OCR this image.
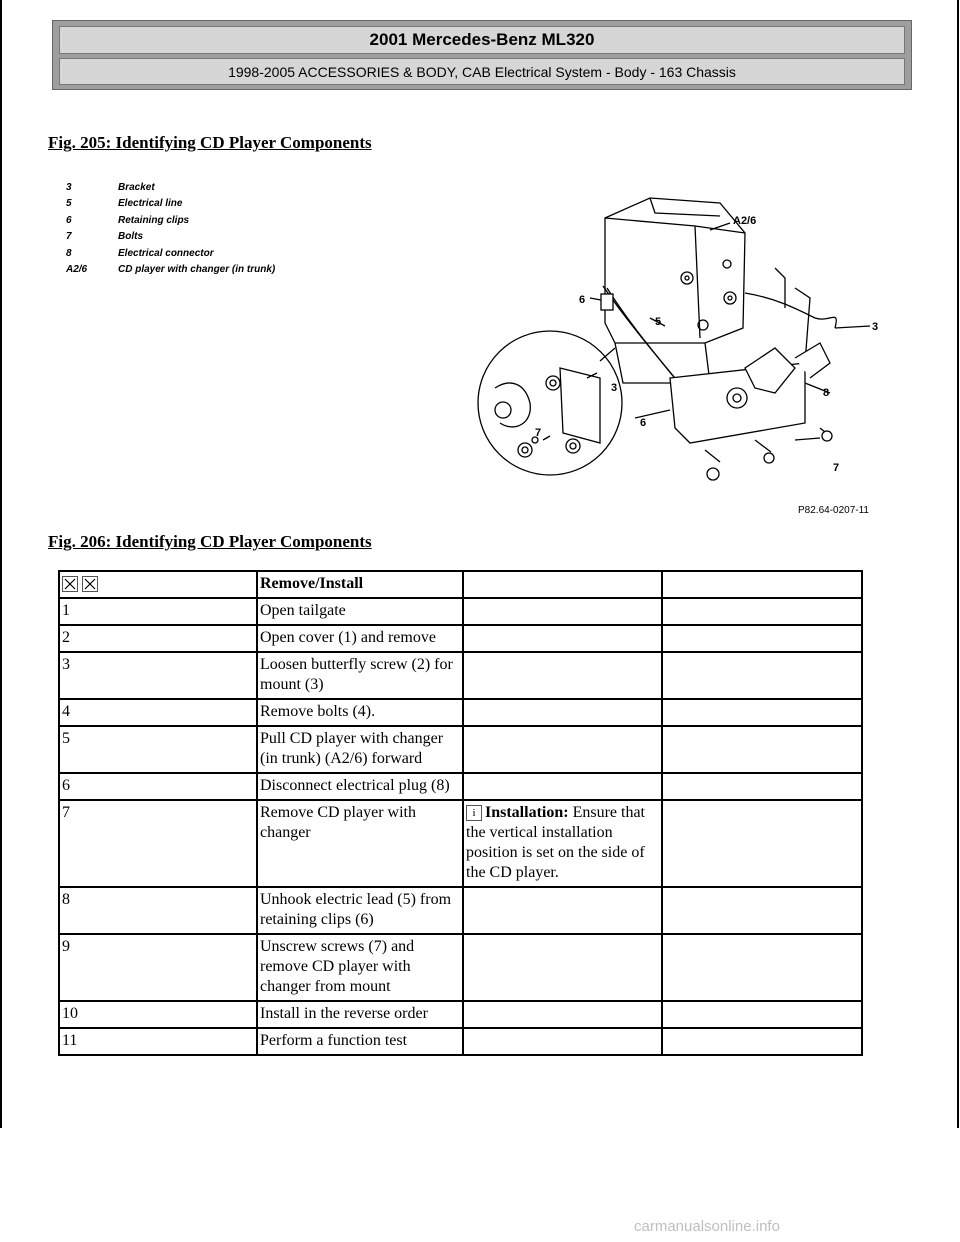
2001 Mercedes-Benz ML320
1998-2005 ACCESSORIES & BODY, CAB Electrical System - Body - 163 Chassis
Fig. 205: Identifying CD Player Components
3	Bracket
5	Electrical line
6	Retaining clips
7	Bolts
8	Electrical connector
A2/6	CD player with changer (in trunk)
A2/6
6
5	3
3	8
6
7
7
P82.64-0207-11
Fig. 206: Identifying CD Player Components
	Remove/Install		
1	Open tailgate		
2	Open cover (1) and remove		
3	Loosen butterfly screw (2) for mount (3)		
4	Remove bolts (4).		
5	Pull CD player with changer (in trunk) (A2/6) forward		
6	Disconnect electrical plug (8)		
7	Remove CD player with changer	i Installation: Ensure that the vertical installation position is set on the side of the CD player.	
8	Unhook electric lead (5) from retaining clips (6)		
9	Unscrew screws (7) and remove CD player with changer from mount		
10	Install in the reverse order		
11	Perform a function test		
carmanualsonline.info
